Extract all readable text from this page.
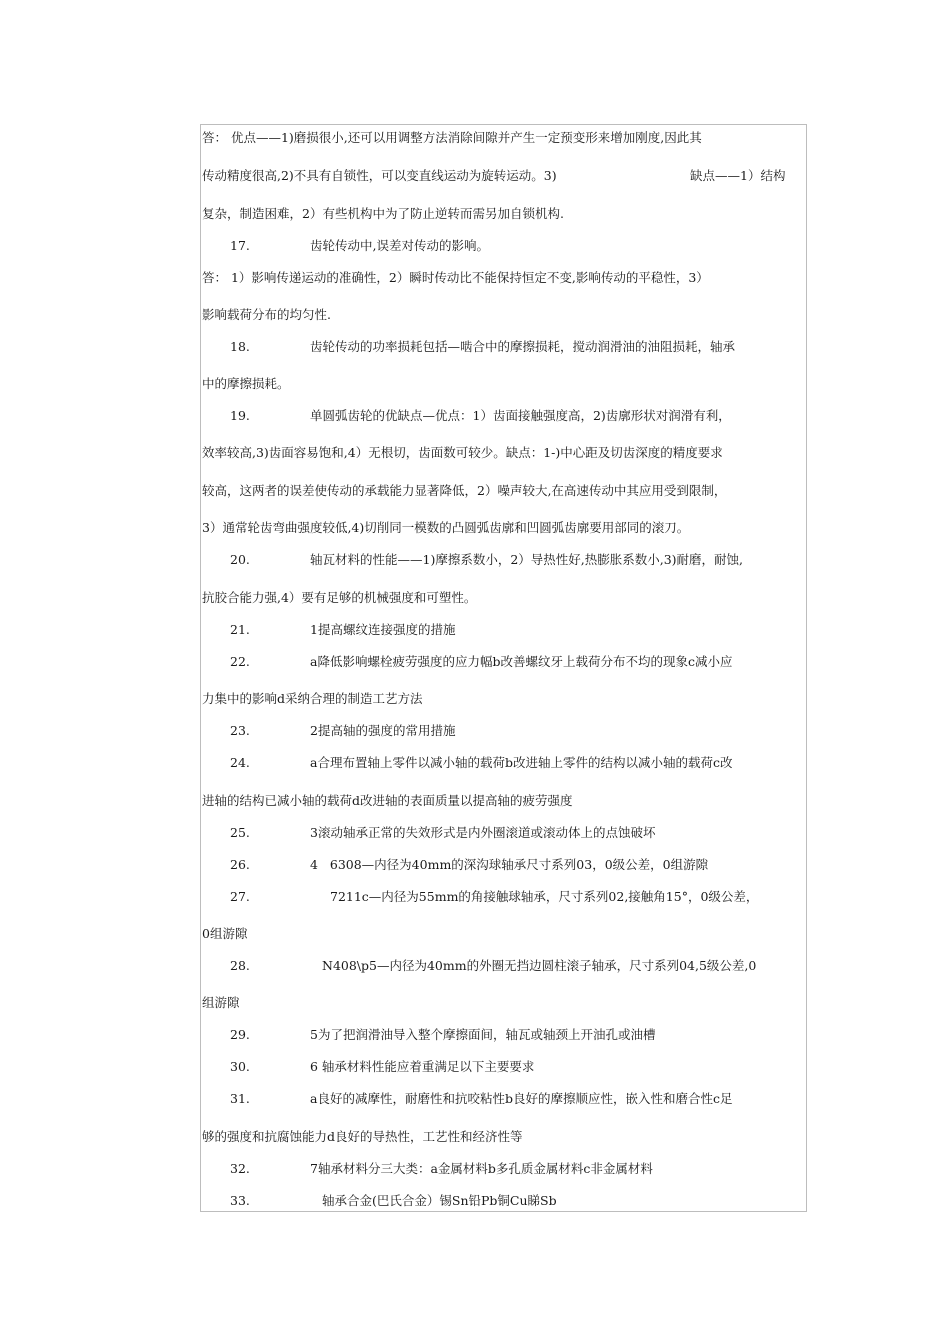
答： 优点——1)磨损很小,还可以用调整方法消除间隙并产生一定预变形来增加刚度,因此其
传动精度很高,2)不具有自锁性，可以变直线运动为旋转运动。3)	缺点——1）结构
复杂，制造困难，2）有些机构中为了防止逆转而需另加自锁机构.
17.	齿轮传动中,误差对传动的影响。
答： 1）影响传递运动的准确性，2）瞬时传动比不能保持恒定不变,影响传动的平稳性，3）
影响载荷分布的均匀性.
18.	齿轮传动的功率损耗包括—啮合中的摩擦损耗，搅动润滑油的油阻损耗，轴承
中的摩擦损耗。
19.	单圆弧齿轮的优缺点—优点：1）齿面接触强度高，2)齿廓形状对润滑有利，
效率较高,3)齿面容易饱和,4）无根切，齿面数可较少。缺点：1-)中心距及切齿深度的精度要求
较高，这两者的误差使传动的承载能力显著降低，2）噪声较大,在高速传动中其应用受到限制，
3）通常轮齿弯曲强度较低,4)切削同一模数的凸圆弧齿廓和凹圆弧齿廓要用部同的滚刀。
20.	轴瓦材料的性能——1)摩擦系数小，2）导热性好,热膨胀系数小,3)耐磨，耐蚀,
抗胶合能力强,4）要有足够的机械强度和可塑性。
21.	1提高螺纹连接强度的措施
22.	a降低影响螺栓疲劳强度的应力幅b改善螺纹牙上载荷分布不均的现象c减小应
力集中的影响d采纳合理的制造工艺方法
23.	2提高轴的强度的常用措施
24.	a合理布置轴上零件以减小轴的载荷b改进轴上零件的结构以减小轴的载荷c改
进轴的结构已减小轴的载荷d改进轴的表面质量以提高轴的疲劳强度
25.	3滚动轴承正常的失效形式是内外圈滚道或滚动体上的点蚀破坏
26.	4   6308—内径为40mm的深沟球轴承尺寸系列03，0级公差，0组游隙
27.	7211c—内径为55mm的角接触球轴承，尺寸系列02,接触角15°，0级公差，
0组游隙
28.	N408\p5—内径为40mm的外圈无挡边圆柱滚子轴承，尺寸系列04,5级公差,0
组游隙
29.	5为了把润滑油导入整个摩擦面间，轴瓦或轴颈上开油孔或油槽
30.	6 轴承材料性能应着重满足以下主要要求
31.	a良好的减摩性，耐磨性和抗咬粘性b良好的摩擦顺应性，嵌入性和磨合性c足
够的强度和抗腐蚀能力d良好的导热性，工艺性和经济性等
32.	7轴承材料分三大类：a金属材料b多孔质金属材料c非金属材料
33.	轴承合金(巴氏合金）锡Sn铅Pb铜Cu睇Sb
